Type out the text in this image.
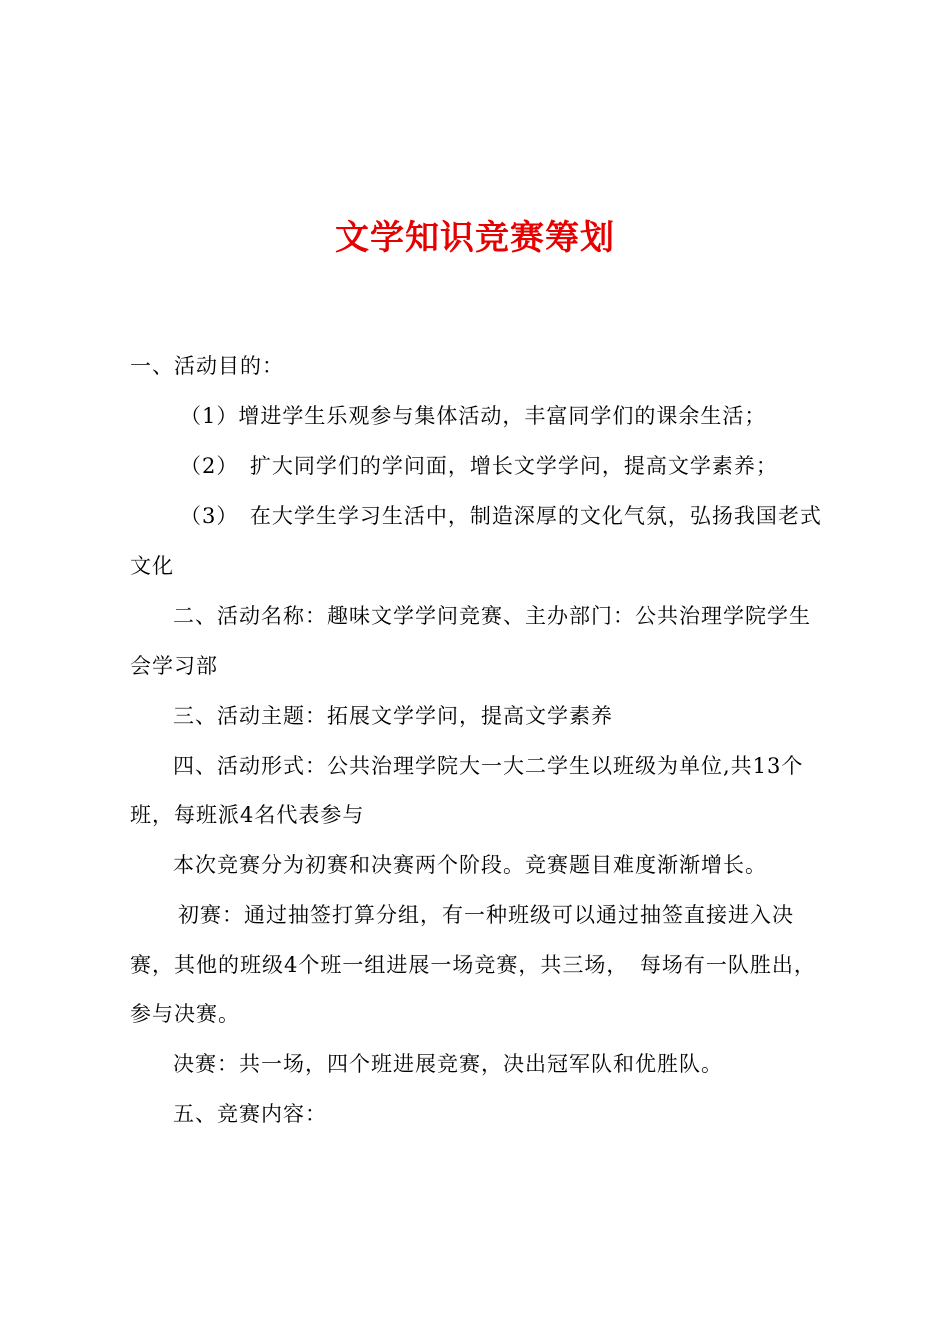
文学知识竞赛筹划
一、活动目的：
（1）增进学生乐观参与集体活动，丰富同学们的课余生活；
（2）　扩大同学们的学问面，增长文学学问，提高文学素养；
（3）　在大学生学习生活中，制造深厚的文化气氛，弘扬我国老式
文化
二、活动名称：趣味文学学问竞赛、主办部门：公共治理学院学生
会学习部
三、活动主题：拓展文学学问，提高文学素养
四、活动形式：公共治理学院大一大二学生以班级为单位,共13个
班，每班派4名代表参与
本次竞赛分为初赛和决赛两个阶段。竞赛题目难度渐渐增长。
初赛：通过抽签打算分组，有一种班级可以通过抽签直接进入决
赛，其他的班级4个班一组进展一场竞赛，共三场，　每场有一队胜出，
参与决赛。
决赛：共一场，四个班进展竞赛，决出冠军队和优胜队。
五、竞赛内容：
